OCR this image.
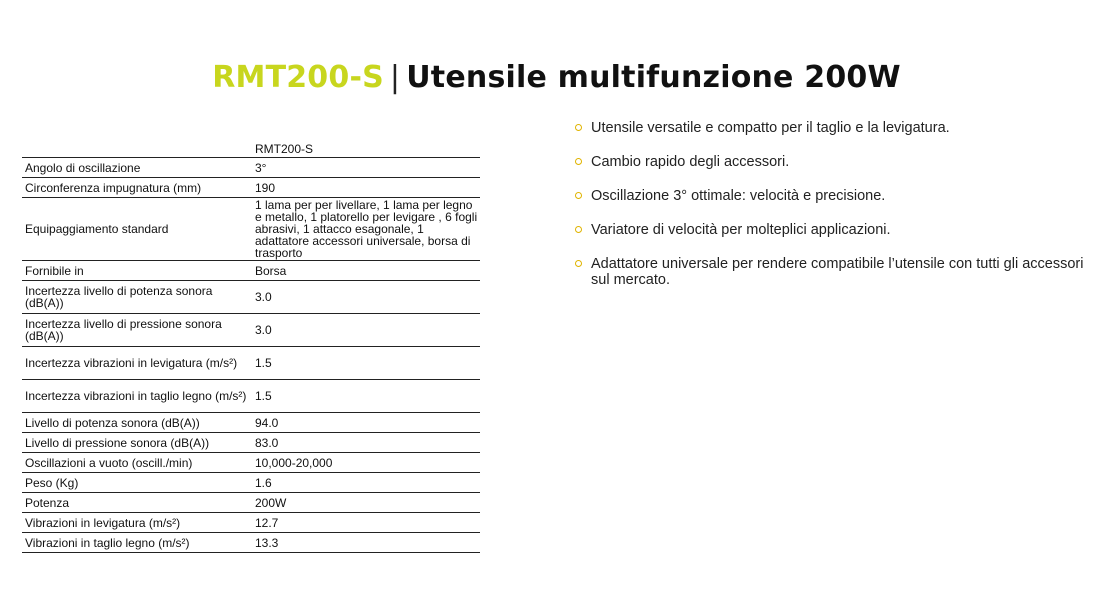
RMT200-S | Utensile multifunzione 200W
	RMT200-S
Angolo di oscillazione	3°
Circonferenza impugnatura (mm)	190
Equipaggiamento standard	1 lama per per livellare, 1 lama per legno e metallo, 1 platorello per levigare , 6 fogli abrasivi, 1 attacco esagonale, 1 adattatore accessori universale, borsa di trasporto
Fornibile in	Borsa
Incertezza livello di potenza sonora (dB(A))	3.0
Incertezza livello di pressione sonora (dB(A))	3.0
Incertezza vibrazioni in levigatura (m/s²)	1.5
Incertezza vibrazioni in taglio legno (m/s²)	1.5
Livello di potenza sonora (dB(A))	94.0
Livello di pressione sonora (dB(A))	83.0
Oscillazioni a vuoto (oscill./min)	10,000-20,000
Peso (Kg)	1.6
Potenza	200W
Vibrazioni in levigatura (m/s²)	12.7
Vibrazioni in taglio legno (m/s²)	13.3
Utensile versatile e compatto per il taglio e la levigatura.
Cambio rapido degli accessori.
Oscillazione 3° ottimale: velocità e precisione.
Variatore di velocità per molteplici applicazioni.
Adattatore universale per rendere compatibile l’utensile con tutti gli accessori sul mercato.
